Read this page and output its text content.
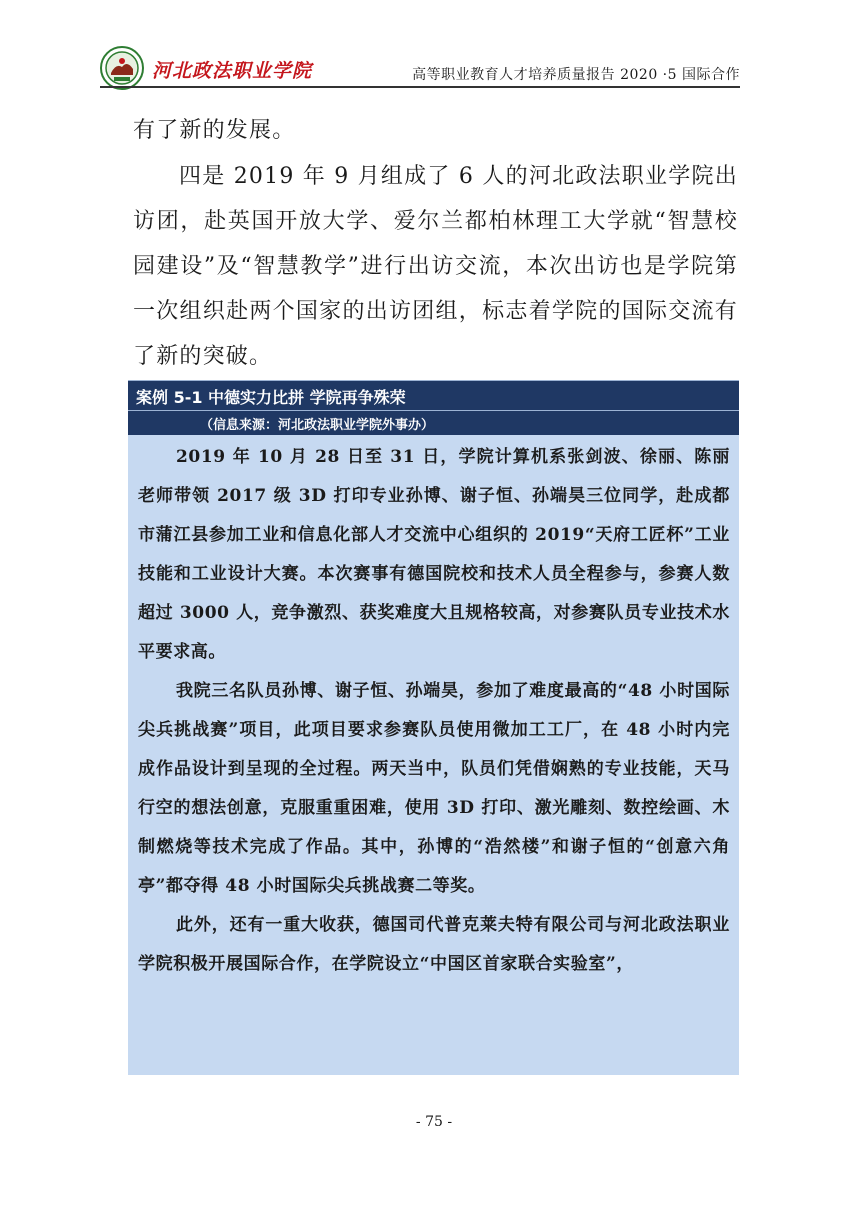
河北政法职业学院	高等职业教育人才培养质量报告 2020 ·5 国际合作

有了新的发展。

四是 2019 年 9 月组成了 6 人的河北政法职业学院出访团，赴英国开放大学、爱尔兰都柏林理工大学就“智慧校园建设”及“智慧教学”进行出访交流，本次出访也是学院第一次组织赴两个国家的出访团组，标志着学院的国际交流有了新的突破。

案例 5-1 中德实力比拼 学院再争殊荣
（信息来源：河北政法职业学院外事办）

2019 年 10 月 28 日至 31 日，学院计算机系张剑波、徐丽、陈丽老师带领 2017 级 3D 打印专业孙博、谢子恒、孙端昊三位同学，赴成都市蒲江县参加工业和信息化部人才交流中心组织的 2019“天府工匠杯”工业技能和工业设计大赛。本次赛事有德国院校和技术人员全程参与，参赛人数超过 3000 人，竞争激烈、获奖难度大且规格较高，对参赛队员专业技术水平要求高。

我院三名队员孙博、谢子恒、孙端昊，参加了难度最高的“48 小时国际尖兵挑战赛”项目，此项目要求参赛队员使用微加工工厂，在 48 小时内完成作品设计到呈现的全过程。两天当中，队员们凭借娴熟的专业技能，天马行空的想法创意，克服重重困难，使用 3D 打印、激光雕刻、数控绘画、木制燃烧等技术完成了作品。其中，孙博的“浩然楼”和谢子恒的“创意六角亭”都夺得 48 小时国际尖兵挑战赛二等奖。

此外，还有一重大收获，德国司代普克莱夫特有限公司与河北政法职业学院积极开展国际合作，在学院设立“中国区首家联合实验室”，

- 75 -
